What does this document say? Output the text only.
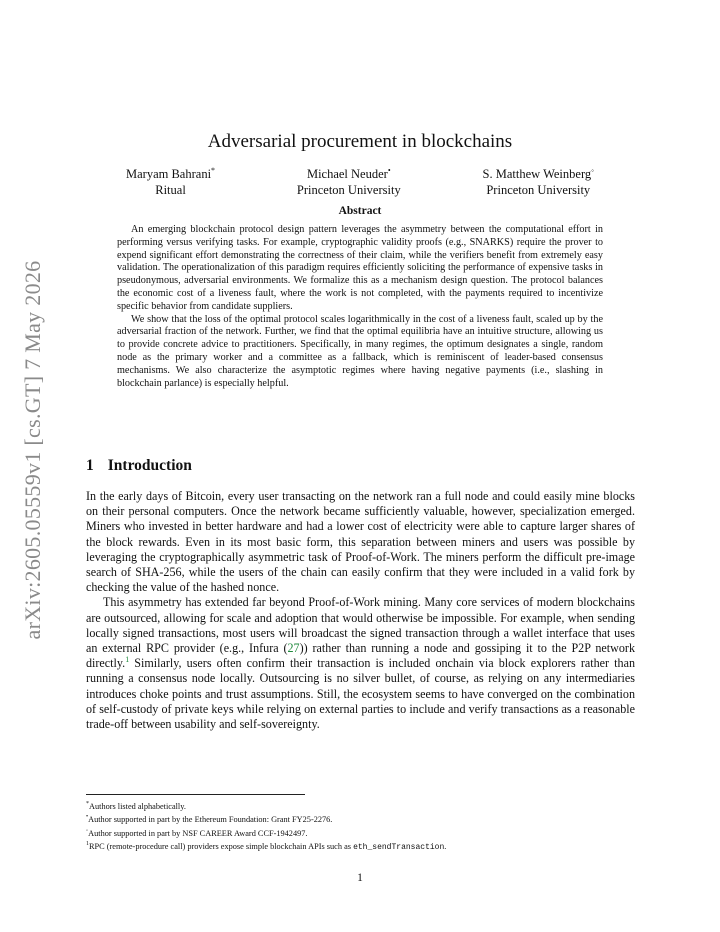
arXiv:2605.05559v1 [cs.GT] 7 May 2026
Adversarial procurement in blockchains
Maryam Bahrani*
Ritual
Michael Neuder•
Princeton University
S. Matthew Weinberg◦
Princeton University
Abstract

An emerging blockchain protocol design pattern leverages the asymmetry between the computational effort in performing versus verifying tasks. For example, cryptographic validity proofs (e.g., SNARKS) require the prover to expend significant effort demonstrating the correctness of their claim, while the verifiers benefit from extremely easy validation. The operationalization of this paradigm requires efficiently soliciting the performance of expensive tasks in pseudonymous, adversarial environments. We formalize this as a mechanism design question. The protocol balances the economic cost of a liveness fault, where the work is not completed, with the payments required to incentivize specific behavior from candidate suppliers.

We show that the loss of the optimal protocol scales logarithmically in the cost of a liveness fault, scaled up by the adversarial fraction of the network. Further, we find that the optimal equilibria have an intuitive structure, allowing us to provide concrete advice to practitioners. Specifically, in many regimes, the optimum designates a single, random node as the primary worker and a committee as a fallback, which is reminiscent of leader-based consensus mechanisms. We also characterize the asymptotic regimes where having negative payments (i.e., slashing in blockchain parlance) is especially helpful.

1 Introduction

In the early days of Bitcoin, every user transacting on the network ran a full node and could easily mine blocks on their personal computers. Once the network became sufficiently valuable, however, specialization emerged. Miners who invested in better hardware and had a lower cost of electricity were able to capture larger shares of the block rewards. Even in its most basic form, this separation between miners and users was possible by leveraging the cryptographically asymmetric task of Proof-of-Work. The miners perform the difficult pre-image search of SHA-256, while the users of the chain can easily confirm that they were included in a valid fork by checking the value of the hashed nonce.

This asymmetry has extended far beyond Proof-of-Work mining. Many core services of modern blockchains are outsourced, allowing for scale and adoption that would otherwise be impossible. For example, when sending locally signed transactions, most users will broadcast the signed transaction through a wallet interface that uses an external RPC provider (e.g., Infura (27)) rather than running a node and gossiping it to the P2P network directly.$^1$ Similarly, users often confirm their transaction is included onchain via block explorers rather than running a consensus node locally. Outsourcing is no silver bullet, of course, as relying on any intermediaries introduces choke points and trust assumptions. Still, the ecosystem seems to have converged on the combination of self-custody of private keys while relying on external parties to include and verify transactions as a reasonable trade-off between usability and self-sovereignty.

*Authors listed alphabetically.
•Author supported in part by the Ethereum Foundation: Grant FY25-2276.
◦Author supported in part by NSF CAREER Award CCF-1942497.
$^1$RPC (remote-procedure call) providers expose simple blockchain APIs such as eth_sendTransaction.
1
